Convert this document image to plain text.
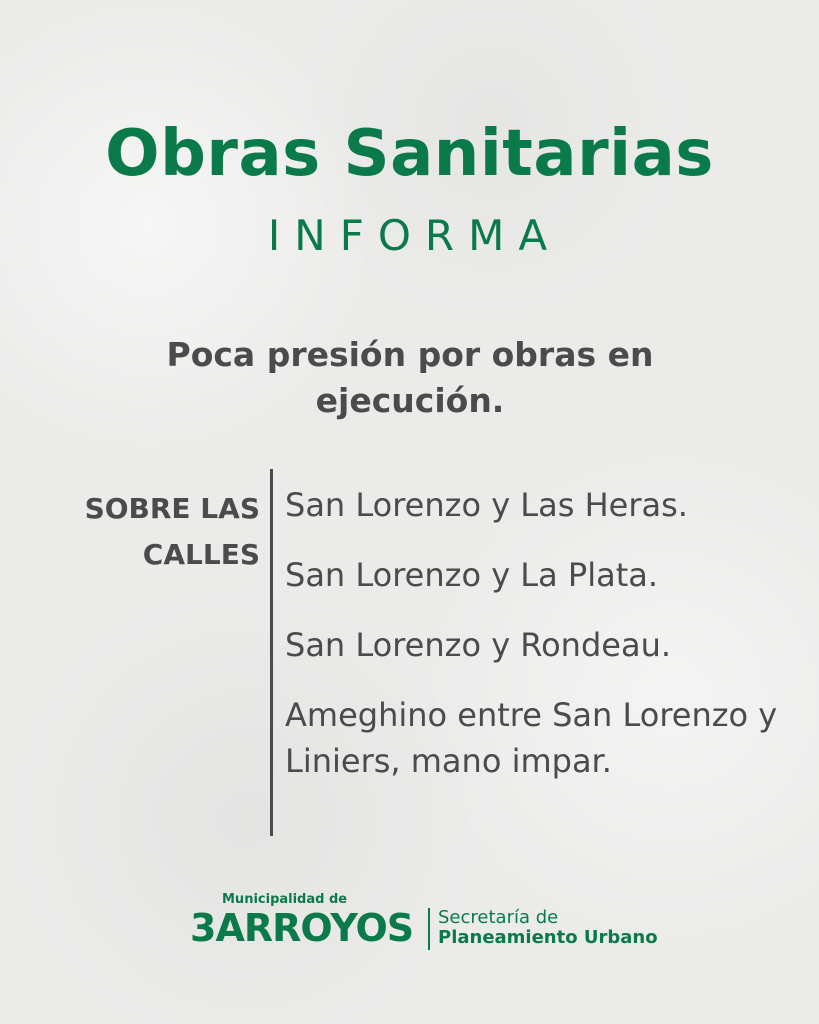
Obras Sanitarias
INFORMA
Poca presión por obras en ejecución.
SOBRE LAS CALLES
San Lorenzo y Las Heras.
San Lorenzo y La Plata.
San Lorenzo y Rondeau.
Ameghino entre San Lorenzo y Liniers, mano impar.
Municipalidad de
3ARROYOS Secretaría de
Planeamiento Urbano
